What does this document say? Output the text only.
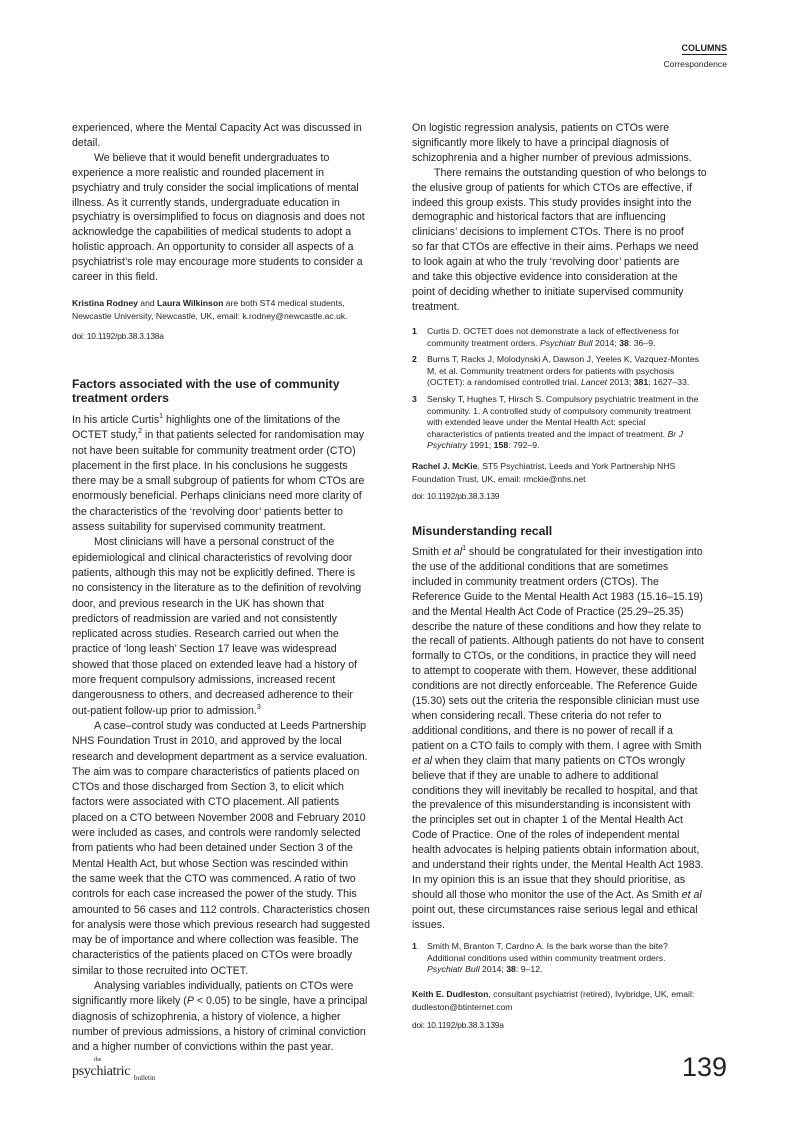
COLUMNS
Correspondence
experienced, where the Mental Capacity Act was discussed in
detail.
We believe that it would benefit undergraduates to
experience a more realistic and rounded placement in
psychiatry and truly consider the social implications of mental
illness. As it currently stands, undergraduate education in
psychiatry is oversimplified to focus on diagnosis and does not
acknowledge the capabilities of medical students to adopt a
holistic approach. An opportunity to consider all aspects of a
psychiatrist’s role may encourage more students to consider a
career in this field.
Kristina Rodney and Laura Wilkinson are both ST4 medical students,
Newcastle University, Newcastle, UK, email: k.rodney@newcastle.ac.uk.
doi: 10.1192/pb.38.3.138a
Factors associated with the use of community
treatment orders
In his article Curtis$^1$ highlights one of the limitations of the
OCTET study,$^2$ in that patients selected for randomisation may
not have been suitable for community treatment order (CTO)
placement in the first place. In his conclusions he suggests
there may be a small subgroup of patients for whom CTOs are
enormously beneficial. Perhaps clinicians need more clarity of
the characteristics of the ‘revolving door’ patients better to
assess suitability for supervised community treatment.
Most clinicians will have a personal construct of the
epidemiological and clinical characteristics of revolving door
patients, although this may not be explicitly defined. There is
no consistency in the literature as to the definition of revolving
door, and previous research in the UK has shown that
predictors of readmission are varied and not consistently
replicated across studies. Research carried out when the
practice of ‘long leash’ Section 17 leave was widespread
showed that those placed on extended leave had a history of
more frequent compulsory admissions, increased recent
dangerousness to others, and decreased adherence to their
out-patient follow-up prior to admission.$^3$
A case–control study was conducted at Leeds Partnership
NHS Foundation Trust in 2010, and approved by the local
research and development department as a service evaluation.
The aim was to compare characteristics of patients placed on
CTOs and those discharged from Section 3, to elicit which
factors were associated with CTO placement. All patients
placed on a CTO between November 2008 and February 2010
were included as cases, and controls were randomly selected
from patients who had been detained under Section 3 of the
Mental Health Act, but whose Section was rescinded within
the same week that the CTO was commenced. A ratio of two
controls for each case increased the power of the study. This
amounted to 56 cases and 112 controls. Characteristics chosen
for analysis were those which previous research had suggested
may be of importance and where collection was feasible. The
characteristics of the patients placed on CTOs were broadly
similar to those recruited into OCTET.
Analysing variables individually, patients on CTOs were
significantly more likely (P < 0.05) to be single, have a principal
diagnosis of schizophrenia, a history of violence, a higher
number of previous admissions, a history of criminal conviction
and a higher number of convictions within the past year.
On logistic regression analysis, patients on CTOs were
significantly more likely to have a principal diagnosis of
schizophrenia and a higher number of previous admissions.
There remains the outstanding question of who belongs to
the elusive group of patients for which CTOs are effective, if
indeed this group exists. This study provides insight into the
demographic and historical factors that are influencing
clinicians’ decisions to implement CTOs. There is no proof
so far that CTOs are effective in their aims. Perhaps we need
to look again at who the truly ‘revolving door’ patients are
and take this objective evidence into consideration at the
point of deciding whether to initiate supervised community
treatment.
1 Curtis D. OCTET does not demonstrate a lack of effectiveness for
community treatment orders. Psychiatr Bull 2014; 38: 36–9.
2 Burns T, Racks J, Molodynski A, Dawson J, Yeeles K, Vazquez-Montes
M, et al. Community treatment orders for patients with psychosis
(OCTET): a randomised controlled trial. Lancet 2013; 381: 1627–33.
3 Sensky T, Hughes T, Hirsch S. Compulsory psychiatric treatment in the
community. 1. A controlled study of compulsory community treatment
with extended leave under the Mental Health Act: special
characteristics of patients treated and the impact of treatment. Br J
Psychiatry 1991; 158: 792–9.
Rachel J. McKie, ST5 Psychiatrist, Leeds and York Partnership NHS
Foundation Trust, UK, email: rmckie@nhs.net
doi: 10.1192/pb.38.3.139
Misunderstanding recall
Smith et $al^1$ should be congratulated for their investigation into
the use of the additional conditions that are sometimes
included in community treatment orders (CTOs). The
Reference Guide to the Mental Health Act 1983 (15.16–15.19)
and the Mental Health Act Code of Practice (25.29–25.35)
describe the nature of these conditions and how they relate to
the recall of patients. Although patients do not have to consent
formally to CTOs, or the conditions, in practice they will need
to attempt to cooperate with them. However, these additional
conditions are not directly enforceable. The Reference Guide
(15.30) sets out the criteria the responsible clinician must use
when considering recall. These criteria do not refer to
additional conditions, and there is no power of recall if a
patient on a CTO fails to comply with them. I agree with Smith
et al when they claim that many patients on CTOs wrongly
believe that if they are unable to adhere to additional
conditions they will inevitably be recalled to hospital, and that
the prevalence of this misunderstanding is inconsistent with
the principles set out in chapter 1 of the Mental Health Act
Code of Practice. One of the roles of independent mental
health advocates is helping patients obtain information about,
and understand their rights under, the Mental Health Act 1983.
In my opinion this is an issue that they should prioritise, as
should all those who monitor the use of the Act. As Smith et al
point out, these circumstances raise serious legal and ethical
issues.
1 Smith M, Branton T, Cardno A. Is the bark worse than the bite?
Additional conditions used within community treatment orders.
Psychiatr Bull 2014; 38: 9–12.
Keith E. Dudleston, consultant psychiatrist (retired), Ivybridge, UK, email:
dudleston@btinternet.com
doi: 10.1192/pb.38.3.139a
the
psychiatric bulletin	139
